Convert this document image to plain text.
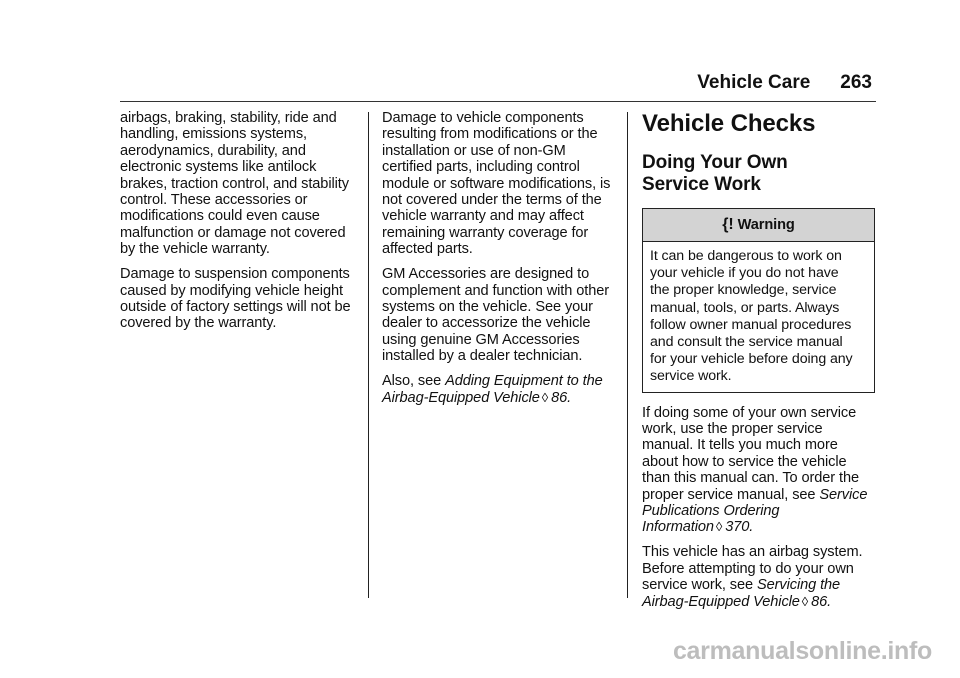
Vehicle Care 263

airbags, braking, stability, ride and
handling, emissions systems,
aerodynamics, durability, and
electronic systems like antilock
brakes, traction control, and stability
control. These accessories or
modifications could even cause
malfunction or damage not covered
by the vehicle warranty.

Damage to suspension components
caused by modifying vehicle height
outside of factory settings will not be
covered by the warranty.

Damage to vehicle components
resulting from modifications or the
installation or use of non-GM
certified parts, including control
module or software modifications, is
not covered under the terms of the
vehicle warranty and may affect
remaining warranty coverage for
affected parts.

GM Accessories are designed to
complement and function with other
systems on the vehicle. See your
dealer to accessorize the vehicle
using genuine GM Accessories
installed by a dealer technician.

Also, see Adding Equipment to the
Airbag-Equipped Vehicle ◊ 86.

Vehicle Checks
Doing Your Own
Service Work
{! Warning
It can be dangerous to work on
your vehicle if you do not have
the proper knowledge, service
manual, tools, or parts. Always
follow owner manual procedures
and consult the service manual
for your vehicle before doing any
service work.

If doing some of your own service
work, use the proper service
manual. It tells you much more
about how to service the vehicle
than this manual can. To order the
proper service manual, see Service
Publications Ordering
Information ◊ 370.

This vehicle has an airbag system.
Before attempting to do your own
service work, see Servicing the
Airbag-Equipped Vehicle ◊ 86.

carmanualsonline.info
